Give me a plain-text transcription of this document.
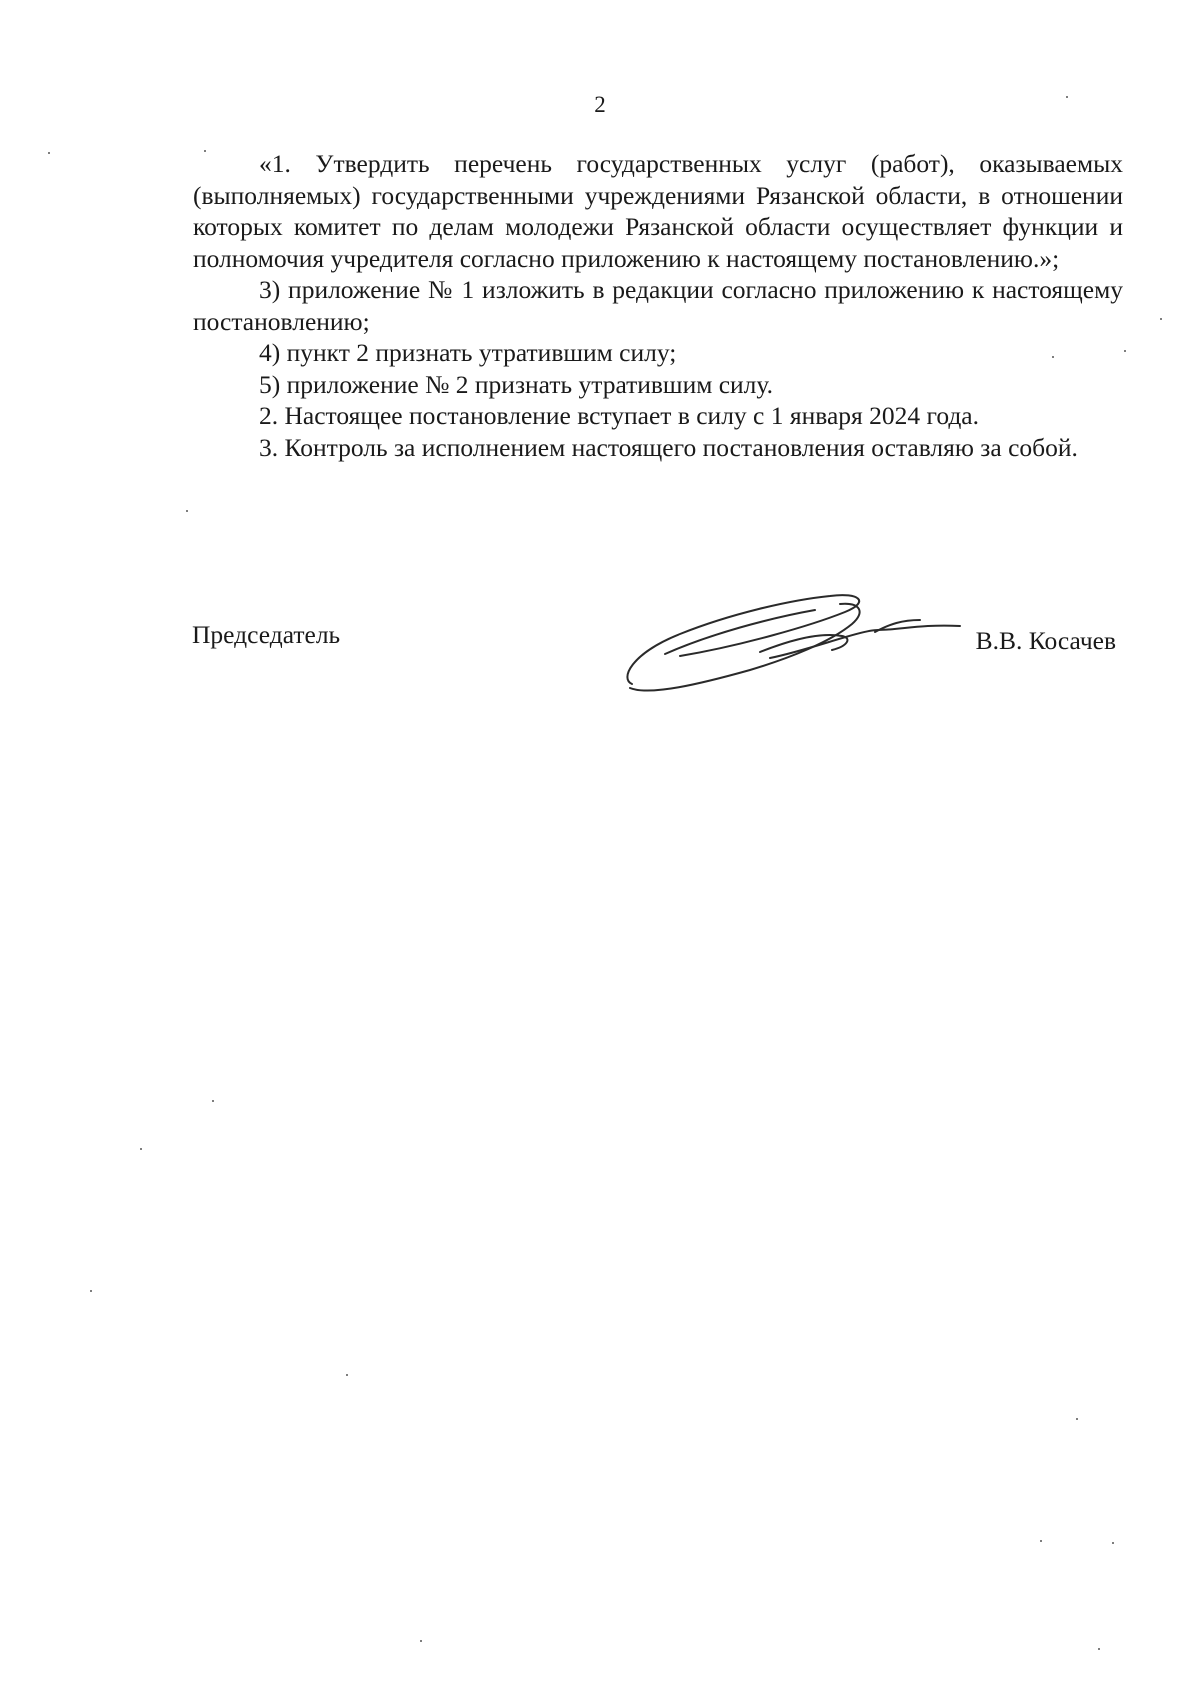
2

«1. Утвердить перечень государственных услуг (работ), оказываемых (выполняемых) государственными учреждениями Рязанской области, в отношении которых комитет по делам молодежи Рязанской области осуществляет функции и полномочия учредителя согласно приложению к настоящему постановлению.»;

3) приложение № 1 изложить в редакции согласно приложению к настоящему постановлению;

4) пункт 2 признать утратившим силу;

5) приложение № 2 признать утратившим силу.

2. Настоящее постановление вступает в силу с 1 января 2024 года.

3. Контроль за исполнением настоящего постановления оставляю за собой.

Председатель	В.В. Косачев
